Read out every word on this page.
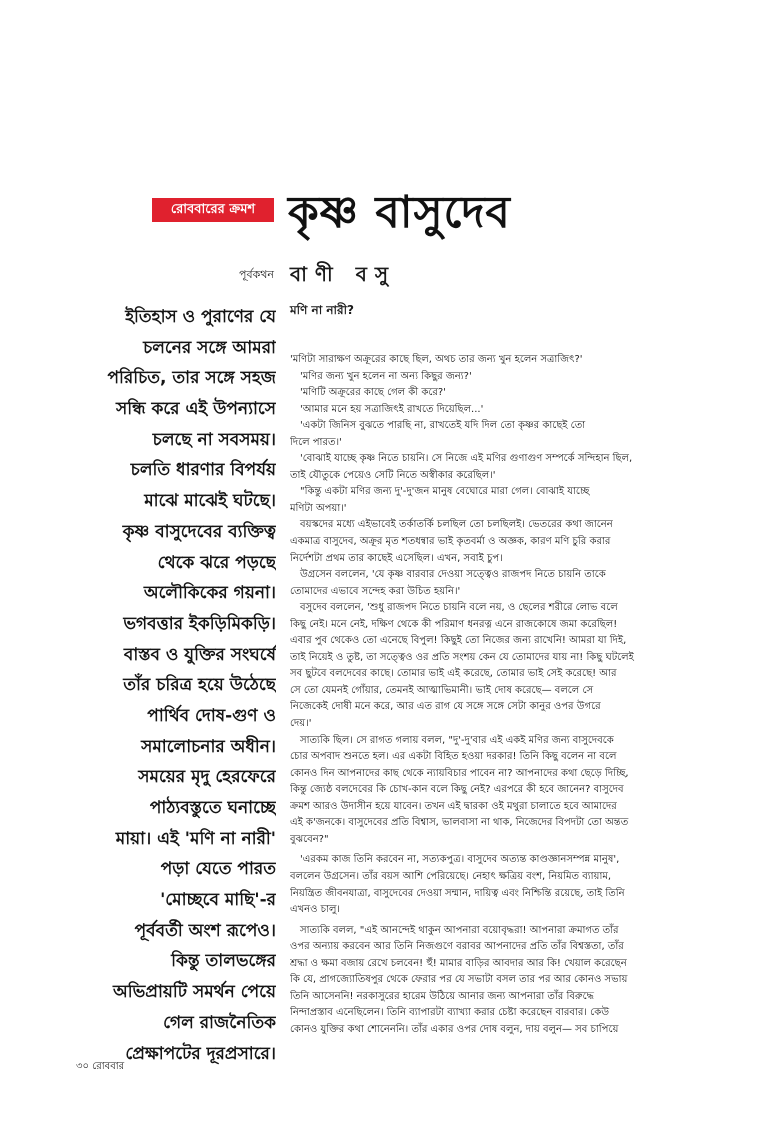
রোববারের ক্রমশ কৃষ্ণ বাসুদেব
পূর্বকথন বাণী বসু
মণি না নারী?
ইতিহাস ও পুরাণের যে
চলনের সঙ্গে আমরা
পরিচিত, তার সঙ্গে সহজ
সন্ধি করে এই উপন্যাসে
চলছে না সবসময়।
চলতি ধারণার বিপর্যয়
মাঝে মাঝেই ঘটছে।
কৃষ্ণ বাসুদেবের ব্যক্তিত্ব
থেকে ঝরে পড়ছে
অলৌকিকের গয়না।
ভগবত্তার ইকড়িমিকড়ি।
বাস্তব ও যুক্তির সংঘর্ষে
তাঁর চরিত্র হয়ে উঠেছে
পার্থিব দোষ-গুণ ও
সমালোচনার অধীন।
সময়ের মৃদু হেরফেরে
পাঠ্যবস্তুতে ঘনাচ্ছে
মায়া। এই 'মণি না নারী'
পড়া যেতে পারত
'মোচ্ছবে মাছি'-র
পূর্ববর্তী অংশ রূপেও।
কিন্তু তালভঙ্গের
অভিপ্রায়টি সমর্থন পেয়ে
গেল রাজনৈতিক
প্রেক্ষাপটের দূরপ্রসারে।
'মণিটা সারাক্ষণ অক্রূরের কাছে ছিল, অথচ তার জন্য খুন হলেন সত্রাজিৎ?'
'মণির জন্য খুন হলেন না অন্য কিছুর জন্য?'
'মণিটি অক্রূরের কাছে গেল কী করে?'
'আমার মনে হয় সত্রাজিৎই রাখতে দিয়েছিল...'
'একটা জিনিস বুঝতে পারছি না, রাখতেই যদি দিল তো কৃষ্ণর কাছেই তো
দিলে পারত।'
'বোঝাই যাচ্ছে কৃষ্ণ নিতে চায়নি। সে নিজে এই মণির গুণাগুণ সম্পর্কে সন্দিহান ছিল,
তাই যৌতুকে পেয়েও সেটি নিতে অস্বীকার করেছিল।'
"কিন্তু একটা মণির জন্য দু'-দু'জন মানুষ বেঘোরে মারা গেল। বোঝাই যাচ্ছে
মণিটা অপয়া।'
বয়স্কদের মধ্যে এইভাবেই তর্কাতর্কি চলছিল তো চলছিলই। ভেতরের কথা জানেন
একমাত্র বাসুদেব, অক্রূর মৃত শতধন্বার ভাই কৃতবর্মা ও অজ্ঞক, কারণ মণি চুরি করার
নির্দেশটা প্রথম তার কাছেই এসেছিল। এখন, সবাই চুপ।
উগ্রসেন বললেন, 'যে কৃষ্ণ বারবার দেওয়া সত্ত্বেও রাজপদ নিতে চায়নি তাকে
তোমাদের এভাবে সন্দেহ করা উচিত হয়নি।'
বসুদেব বললেন, 'শুধু রাজপদ নিতে চায়নি বলে নয়, ও ছেলের শরীরে লোভ বলে
কিছু নেই। মনে নেই, দক্ষিণ থেকে কী পরিমাণ ধনরত্ন এনে রাজকোষে জমা করেছিল!
এবার পুব থেকেও তো এনেছে বিপুল! কিছুই তো নিজের জন্য রাখেনি! আমরা যা দিই,
তাই নিয়েই ও তুষ্ট, তা সত্ত্বেও ওর প্রতি সংশয় কেন যে তোমাদের যায় না! কিছু ঘটলেই
সব ছুটবে বলদেবের কাছে। তোমার ভাই এই করেছে, তোমার ভাই সেই করেছে! আর
সে তো যেমনই গোঁয়ার, তেমনই আত্মাভিমানী। ভাই দোষ করেছে— বললে সে
নিজেকেই দোষী মনে করে, আর এত রাগ যে সঙ্গে সঙ্গে সেটা কানুর ওপর উগরে
দেয়।'
সাত্যকি ছিল। সে রাগত গলায় বলল, "দু'-দু'বার এই একই মণির জন্য বাসুদেবকে
চোর অপবাদ শুনতে হল। এর একটা বিহিত হওয়া দরকার! তিনি কিছু বলেন না বলে
কোনও দিন আপনাদের কাছ থেকে ন্যায়বিচার পাবেন না? আপনাদের কথা ছেড়ে দিচ্ছি,
কিন্তু জ্যেষ্ঠ বলদেবের কি চোখ-কান বলে কিছু নেই? এরপরে কী হবে জানেন? বাসুদেব
ক্রমশ আরও উদাসীন হয়ে যাবেন। তখন এই দ্বারকা ওই মথুরা চালাতে হবে আমাদের
এই ক'জনকে। বাসুদেবের প্রতি বিশ্বাস, ভালবাসা না থাক, নিজেদের বিপদটা তো অন্তত
বুঝবেন?"
'এরকম কাজ তিনি করবেন না, সত্যকপুত্র। বাসুদেব অত্যন্ত কাণ্ডজ্ঞানসম্পন্ন মানুষ',
বললেন উগ্রসেন। তাঁর বয়স আশি পেরিয়েছে। নেহাৎ ক্ষত্রিয় বংশ, নিয়মিত ব্যায়াম,
নিয়ন্ত্রিত জীবনযাত্রা, বাসুদেবের দেওয়া সম্মান, দায়িত্ব এবং নিশ্চিন্তি রয়েছে, তাই তিনি
এখনও চালু।
সাত্যকি বলল, "এই আনন্দেই থাকুন আপনারা বয়োবৃদ্ধরা! আপনারা ক্রমাগত তাঁর
ওপর অন্যায় করবেন আর তিনি নিজগুণে বরাবর আপনাদের প্রতি তাঁর বিশ্বস্ততা, তাঁর
শ্রদ্ধা ও ক্ষমা বজায় রেখে চলবেন! হুঁ! মামার বাড়ির আবদার আর কি! খেয়াল করেছেন
কি যে, প্রাগজ্যোতিষপুর থেকে ফেরার পর যে সভাটা বসল তার পর আর কোনও সভায়
তিনি আসেননি! নরকাসুরের হারেম উঠিয়ে আনার জন্য আপনারা তাঁর বিরুদ্ধে
নিন্দাপ্রস্তাব এনেছিলেন। তিনি ব্যাপারটা ব্যাখ্যা করার চেষ্টা করেছেন বারবার। কেউ
কোনও যুক্তির কথা শোনেননি। তাঁর একার ওপর দোষ বলুন, দায় বলুন— সব চাপিয়ে
৩০ রোববার
